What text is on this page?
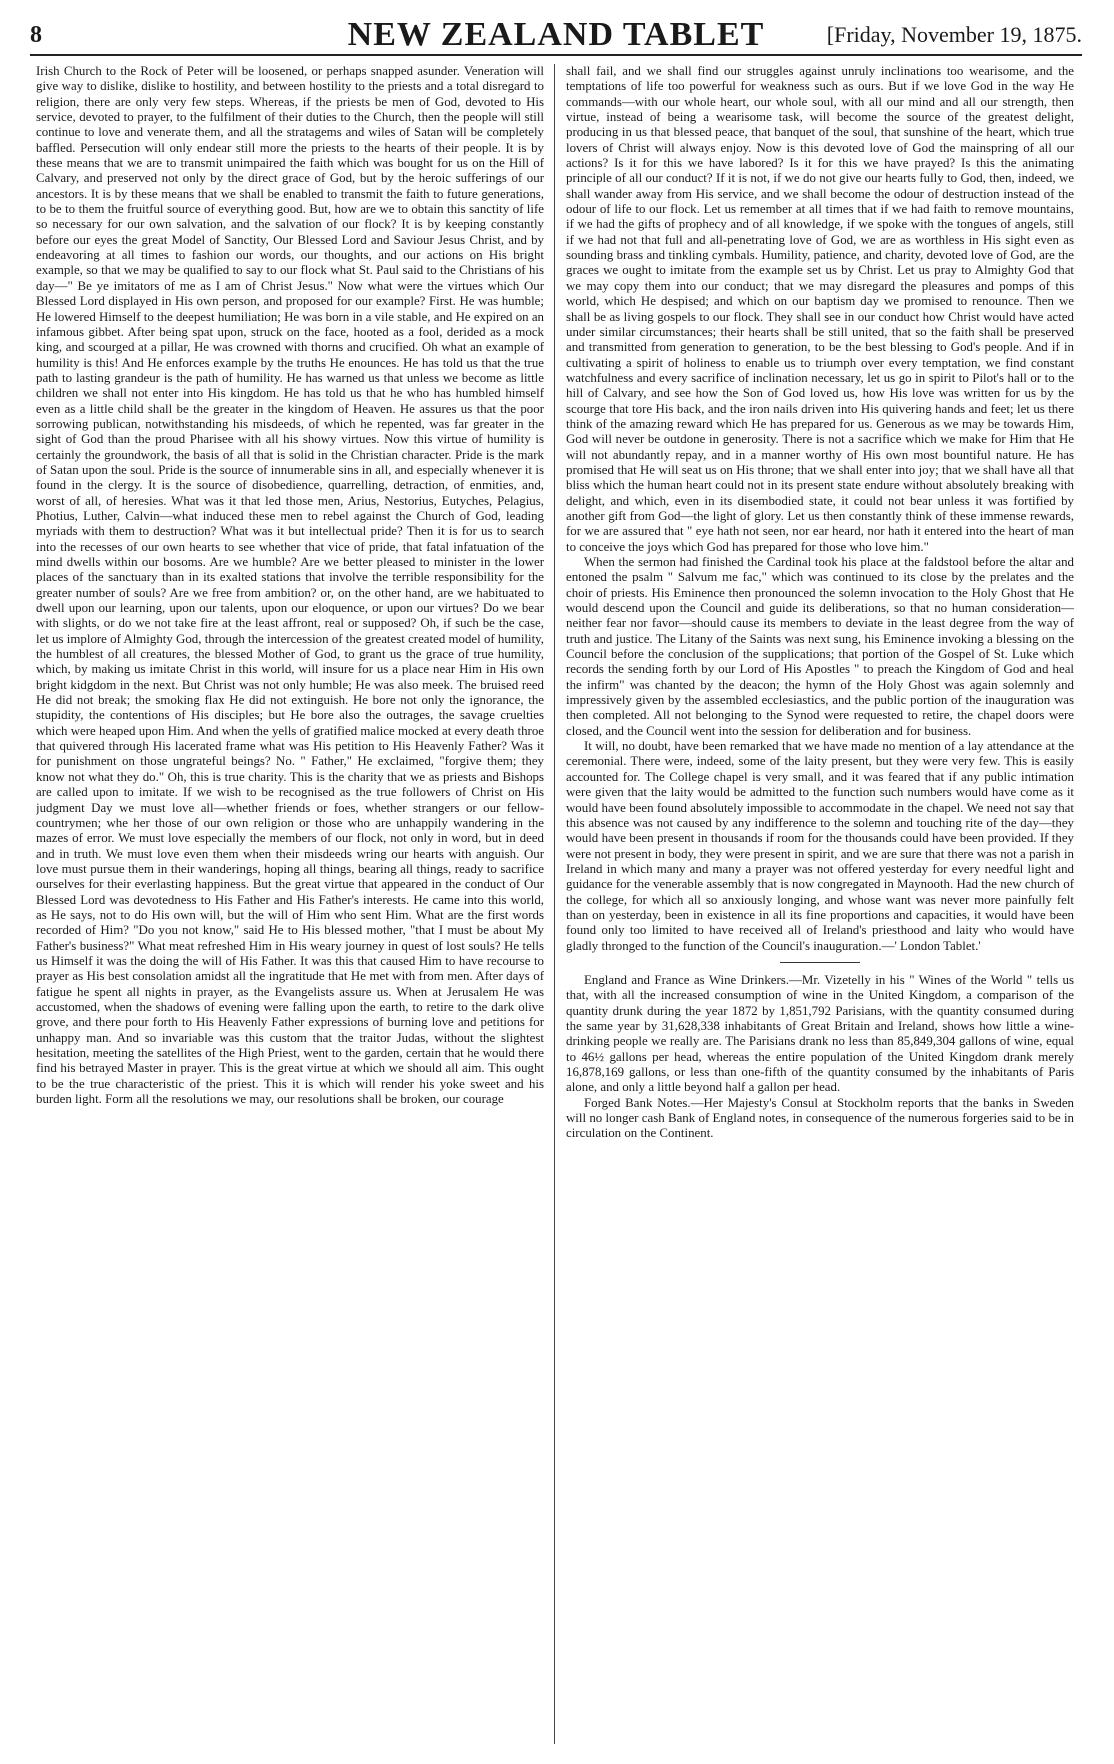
8	NEW ZEALAND TABLET	[Friday, November 19, 1875.

Irish Church to the Rock of Peter will be loosened, or perhaps snapped asunder. Veneration will give way to dislike, dislike to hostility, and between hostility to the priests and a total disregard to religion, there are only very few steps. Whereas, if the priests be men of God, devoted to His service, devoted to prayer, to the fulfilment of their duties to the Church, then the people will still continue to love and venerate them, and all the stratagems and wiles of Satan will be completely baffled. Persecution will only endear still more the priests to the hearts of their people. It is by these means that we are to transmit unimpaired the faith which was bought for us on the Hill of Calvary, and preserved not only by the direct grace of God, but by the heroic sufferings of our ancestors. It is by these means that we shall be enabled to transmit the faith to future generations, to be to them the fruitful source of everything good. But, how are we to obtain this sanctity of life so necessary for our own salvation, and the salvation of our flock? It is by keeping constantly before our eyes the great Model of Sanctity, Our Blessed Lord and Saviour Jesus Christ, and by endeavoring at all times to fashion our words, our thoughts, and our actions on His bright example, so that we may be qualified to say to our flock what St. Paul said to the Christians of his day—" Be ye imitators of me as I am of Christ Jesus." Now what were the virtues which Our Blessed Lord displayed in His own person, and proposed for our example? First. He was humble; He lowered Himself to the deepest humiliation; He was born in a vile stable, and He expired on an infamous gibbet. After being spat upon, struck on the face, hooted as a fool, derided as a mock king, and scourged at a pillar, He was crowned with thorns and crucified. Oh what an example of humility is this! And He enforces example by the truths He enounces. He has told us that the true path to lasting grandeur is the path of humility. He has warned us that unless we become as little children we shall not enter into His kingdom. He has told us that he who has humbled himself even as a little child shall be the greater in the kingdom of Heaven. He assures us that the poor sorrowing publican, notwithstanding his misdeeds, of which he repented, was far greater in the sight of God than the proud Pharisee with all his showy virtues. Now this virtue of humility is certainly the groundwork, the basis of all that is solid in the Christian character. Pride is the mark of Satan upon the soul. Pride is the source of innumerable sins in all, and especially whenever it is found in the clergy. It is the source of disobedience, quarrelling, detraction, of enmities, and, worst of all, of heresies. What was it that led those men, Arius, Nestorius, Eutyches, Pelagius, Photius, Luther, Calvin—what induced these men to rebel against the Church of God, leading myriads with them to destruction? What was it but intellectual pride? Then it is for us to search into the recesses of our own hearts to see whether that vice of pride, that fatal infatuation of the mind dwells within our bosoms. Are we humble? Are we better pleased to minister in the lower places of the sanctuary than in its exalted stations that involve the terrible responsibility for the greater number of souls? Are we free from ambition? or, on the other hand, are we habituated to dwell upon our learning, upon our talents, upon our eloquence, or upon our virtues? Do we bear with slights, or do we not take fire at the least affront, real or supposed? Oh, if such be the case, let us implore of Almighty God, through the intercession of the greatest created model of humility, the humblest of all creatures, the blessed Mother of God, to grant us the grace of true humility, which, by making us imitate Christ in this world, will insure for us a place near Him in His own bright kidgdom in the next. But Christ was not only humble; He was also meek. The bruised reed He did not break; the smoking flax He did not extinguish. He bore not only the ignorance, the stupidity, the contentions of His disciples; but He bore also the outrages, the savage cruelties which were heaped upon Him. And when the yells of gratified malice mocked at every death throe that quivered through His lacerated frame what was His petition to His Heavenly Father? Was it for punishment on those ungrateful beings? No. " Father," He exclaimed, "forgive them; they know not what they do." Oh, this is true charity. This is the charity that we as priests and Bishops are called upon to imitate. If we wish to be recognised as the true followers of Christ on His judgment Day we must love all—whether friends or foes, whether strangers or our fellow-countrymen; whe her those of our own religion or those who are unhappily wandering in the mazes of error. We must love especially the members of our flock, not only in word, but in deed and in truth. We must love even them when their misdeeds wring our hearts with anguish. Our love must pursue them in their wanderings, hoping all things, bearing all things, ready to sacrifice ourselves for their everlasting happiness. But the great virtue that appeared in the conduct of Our Blessed Lord was devotedness to His Father and His Father's interests. He came into this world, as He says, not to do His own will, but the will of Him who sent Him. What are the first words recorded of Him? "Do you not know," said He to His blessed mother, "that I must be about My Father's business?" What meat refreshed Him in His weary journey in quest of lost souls? He tells us Himself it was the doing the will of His Father. It was this that caused Him to have recourse to prayer as His best consolation amidst all the ingratitude that He met with from men. After days of fatigue he spent all nights in prayer, as the Evangelists assure us. When at Jerusalem He was accustomed, when the shadows of evening were falling upon the earth, to retire to the dark olive grove, and there pour forth to His Heavenly Father expressions of burning love and petitions for unhappy man. And so invariable was this custom that the traitor Judas, without the slightest hesitation, meeting the satellites of the High Priest, went to the garden, certain that he would there find his betrayed Master in prayer. This is the great virtue at which we should all aim. This ought to be the true characteristic of the priest. This it is which will render his yoke sweet and his burden light. Form all the resolutions we may, our resolutions shall be broken, our courage

shall fail, and we shall find our struggles against unruly inclinations too wearisome, and the temptations of life too powerful for weakness such as ours. But if we love God in the way He commands—with our whole heart, our whole soul, with all our mind and all our strength, then virtue, instead of being a wearisome task, will become the source of the greatest delight, producing in us that blessed peace, that banquet of the soul, that sunshine of the heart, which true lovers of Christ will always enjoy. Now is this devoted love of God the mainspring of all our actions? Is it for this we have labored? Is it for this we have prayed? Is this the animating principle of all our conduct? If it is not, if we do not give our hearts fully to God, then, indeed, we shall wander away from His service, and we shall become the odour of destruction instead of the odour of life to our flock. Let us remember at all times that if we had faith to remove mountains, if we had the gifts of prophecy and of all knowledge, if we spoke with the tongues of angels, still if we had not that full and all-penetrating love of God, we are as worthless in His sight even as sounding brass and tinkling cymbals. Humility, patience, and charity, devoted love of God, are the graces we ought to imitate from the example set us by Christ. Let us pray to Almighty God that we may copy them into our conduct; that we may disregard the pleasures and pomps of this world, which He despised; and which on our baptism day we promised to renounce. Then we shall be as living gospels to our flock. They shall see in our conduct how Christ would have acted under similar circumstances; their hearts shall be still united, that so the faith shall be preserved and transmitted from generation to generation, to be the best blessing to God's people. And if in cultivating a spirit of holiness to enable us to triumph over every temptation, we find constant watchfulness and every sacrifice of inclination necessary, let us go in spirit to Pilot's hall or to the hill of Calvary, and see how the Son of God loved us, how His love was written for us by the scourge that tore His back, and the iron nails driven into His quivering hands and feet; let us there think of the amazing reward which He has prepared for us. Generous as we may be towards Him, God will never be outdone in generosity. There is not a sacrifice which we make for Him that He will not abundantly repay, and in a manner worthy of His own most bountiful nature. He has promised that He will seat us on His throne; that we shall enter into joy; that we shall have all that bliss which the human heart could not in its present state endure without absolutely breaking with delight, and which, even in its disembodied state, it could not bear unless it was fortified by another gift from God—the light of glory. Let us then constantly think of these immense rewards, for we are assured that " eye hath not seen, nor ear heard, nor hath it entered into the heart of man to conceive the joys which God has prepared for those who love him."

When the sermon had finished the Cardinal took his place at the faldstool before the altar and entoned the psalm " Salvum me fac," which was continued to its close by the prelates and the choir of priests. His Eminence then pronounced the solemn invocation to the Holy Ghost that He would descend upon the Council and guide its deliberations, so that no human consideration—neither fear nor favor—should cause its members to deviate in the least degree from the way of truth and justice. The Litany of the Saints was next sung, his Eminence invoking a blessing on the Council before the conclusion of the supplications; that portion of the Gospel of St. Luke which records the sending forth by our Lord of His Apostles " to preach the Kingdom of God and heal the infirm" was chanted by the deacon; the hymn of the Holy Ghost was again solemnly and impressively given by the assembled ecclesiastics, and the public portion of the inauguration was then completed. All not belonging to the Synod were requested to retire, the chapel doors were closed, and the Council went into the session for deliberation and for business.

It will, no doubt, have been remarked that we have made no mention of a lay attendance at the ceremonial. There were, indeed, some of the laity present, but they were very few. This is easily accounted for. The College chapel is very small, and it was feared that if any public intimation were given that the laity would be admitted to the function such numbers would have come as it would have been found absolutely impossible to accommodate in the chapel. We need not say that this absence was not caused by any indifference to the solemn and touching rite of the day—they would have been present in thousands if room for the thousands could have been provided. If they were not present in body, they were present in spirit, and we are sure that there was not a parish in Ireland in which many and many a prayer was not offered yesterday for every needful light and guidance for the venerable assembly that is now congregated in Maynooth. Had the new church of the college, for which all so anxiously longing, and whose want was never more painfully felt than on yesterday, been in existence in all its fine proportions and capacities, it would have been found only too limited to have received all of Ireland's priesthood and laity who would have gladly thronged to the function of the Council's inauguration.—' London Tablet.'

England and France as Wine Drinkers.—Mr. Vizetelly in his " Wines of the World " tells us that, with all the increased consumption of wine in the United Kingdom, a comparison of the quantity drunk during the year 1872 by 1,851,792 Parisians, with the quantity consumed during the same year by 31,628,338 inhabitants of Great Britain and Ireland, shows how little a wine-drinking people we really are. The Parisians drank no less than 85,849,304 gallons of wine, equal to 46½ gallons per head, whereas the entire population of the United Kingdom drank merely 16,878,169 gallons, or less than one-fifth of the quantity consumed by the inhabitants of Paris alone, and only a little beyond half a gallon per head.

Forged Bank Notes.—Her Majesty's Consul at Stockholm reports that the banks in Sweden will no longer cash Bank of England notes, in consequence of the numerous forgeries said to be in circulation on the Continent.
